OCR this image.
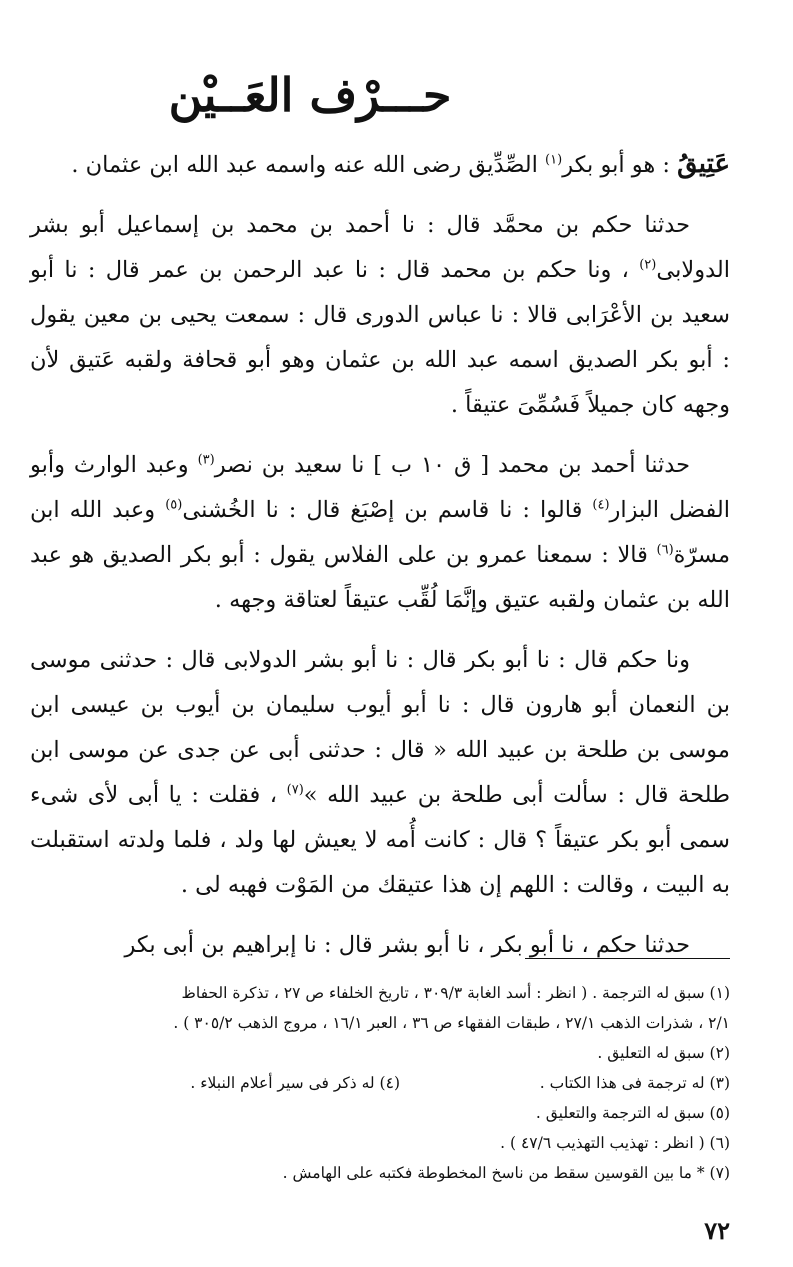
حـــرْف العَــيْن

عَتِيقُ : هو أبو بكر$^{(١)}$ الصِّدِّيق رضى الله عنه واسمه عبد الله ابن عثمان .

حدثنا حكم بن محمَّد قال : نا أحمد بن محمد بن إسماعيل أبو بشر الدولابى$^{(٢)}$ ، ونا حكم بن محمد قال : نا عبد الرحمن بن عمر قال : نا أبو سعيد بن الأعْرَابى قالا : نا عباس الدورى قال : سمعت يحيى بن معين يقول : أبو بكر الصديق اسمه عبد الله بن عثمان وهو أبو قحافة ولقبه عَتيق لأن وجهه كان جميلاً فَسُمِّىَ عتيقاً .

حدثنا أحمد بن محمد [ ق ١٠ ب ] نا سعيد بن نصر$^{(٣)}$ وعبد الوارث وأبو الفضل البزار$^{(٤)}$ قالوا : نا قاسم بن إصْبَغ قال : نا الخُشنى$^{(٥)}$ وعبد الله ابن مسرّة$^{(٦)}$ قالا : سمعنا عمرو بن على الفلاس يقول : أبو بكر الصديق هو عبد الله بن عثمان ولقبه عتيق وإنَّمَا لُقِّب عتيقاً لعتاقة وجهه .

ونا حكم قال : نا أبو بكر قال : نا أبو بشر الدولابى قال : حدثنى موسى بن النعمان أبو هارون قال : نا أبو أيوب سليمان بن أيوب بن عيسى ابن موسى بن طلحة بن عبيد الله « قال : حدثنى أبى عن جدى عن موسى ابن طلحة قال : سألت أبى طلحة بن عبيد الله »$^{(٧)}$ ، فقلت : يا أبى لأى شىء سمى أبو بكر عتيقاً ؟ قال : كانت أُمه لا يعيش لها ولد ، فلما ولدته استقبلت به البيت ، وقالت : اللهم إن هذا عتيقك من المَوْت فهبه لى .

حدثنا حكم ، نا أبو بكر ، نا أبو بشر قال : نا إبراهيم بن أبى بكر

(١) سبق له الترجمة . ( انظر : أسد الغابة ٣٠٩/٣ ، تاريخ الخلفاء ص ٢٧ ، تذكرة الحفاظ

٢/١ ، شذرات الذهب ٢٧/١ ، طبقات الفقهاء ص ٣٦ ، العبر ١٦/١ ، مروج الذهب ٣٠٥/٢ ) .

(٢) سبق له التعليق .

(٣) له ترجمة فى هذا الكتاب .
(٤) له ذكر فى سير أعلام النبلاء .

(٥) سبق له الترجمة والتعليق .

(٦) ( انظر : تهذيب التهذيب ٤٧/٦ ) .

(٧) * ما بين القوسين سقط من ناسخ المخطوطة فكتبه على الهامش .

٧٢
